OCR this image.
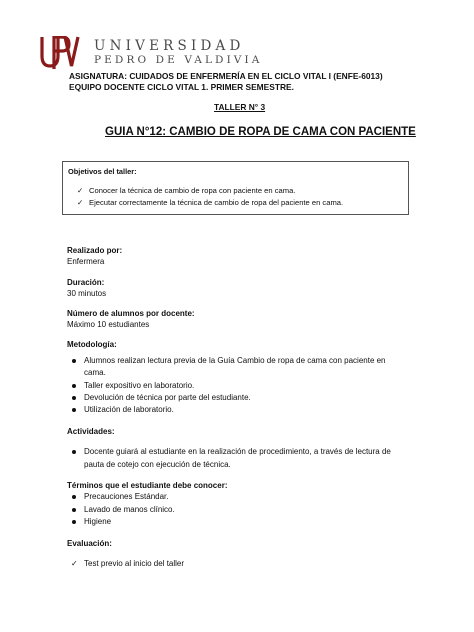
UNIVERSIDAD
PEDRO DE VALDIVIA
ASIGNATURA: CUIDADOS DE ENFERMERÍA EN EL CICLO VITAL I (ENFE-6013)
EQUIPO DOCENTE CICLO VITAL 1. PRIMER SEMESTRE.
TALLER N° 3
GUIA N°12: CAMBIO DE ROPA DE CAMA CON PACIENTE
Objetivos del taller:
✓ Conocer la técnica de cambio de ropa con paciente en cama.
✓ Ejecutar correctamente la técnica de cambio de ropa del paciente en cama.
Realizado por:
Enfermera
Duración:
30 minutos
Número de alumnos por docente:
Máximo 10 estudiantes
Metodología:
Alumnos realizan lectura previa de la Guía Cambio de ropa de cama con paciente en
cama.
Taller expositivo en laboratorio.
Devolución de técnica por parte del estudiante.
Utilización de laboratorio.
Actividades:
Docente guiará al estudiante en la realización de procedimiento, a través de lectura de
pauta de cotejo con ejecución de técnica.
Términos que el estudiante debe conocer:
Precauciones Estándar.
Lavado de manos clínico.
Higiene
Evaluación:
✓ Test previo al inicio del taller
